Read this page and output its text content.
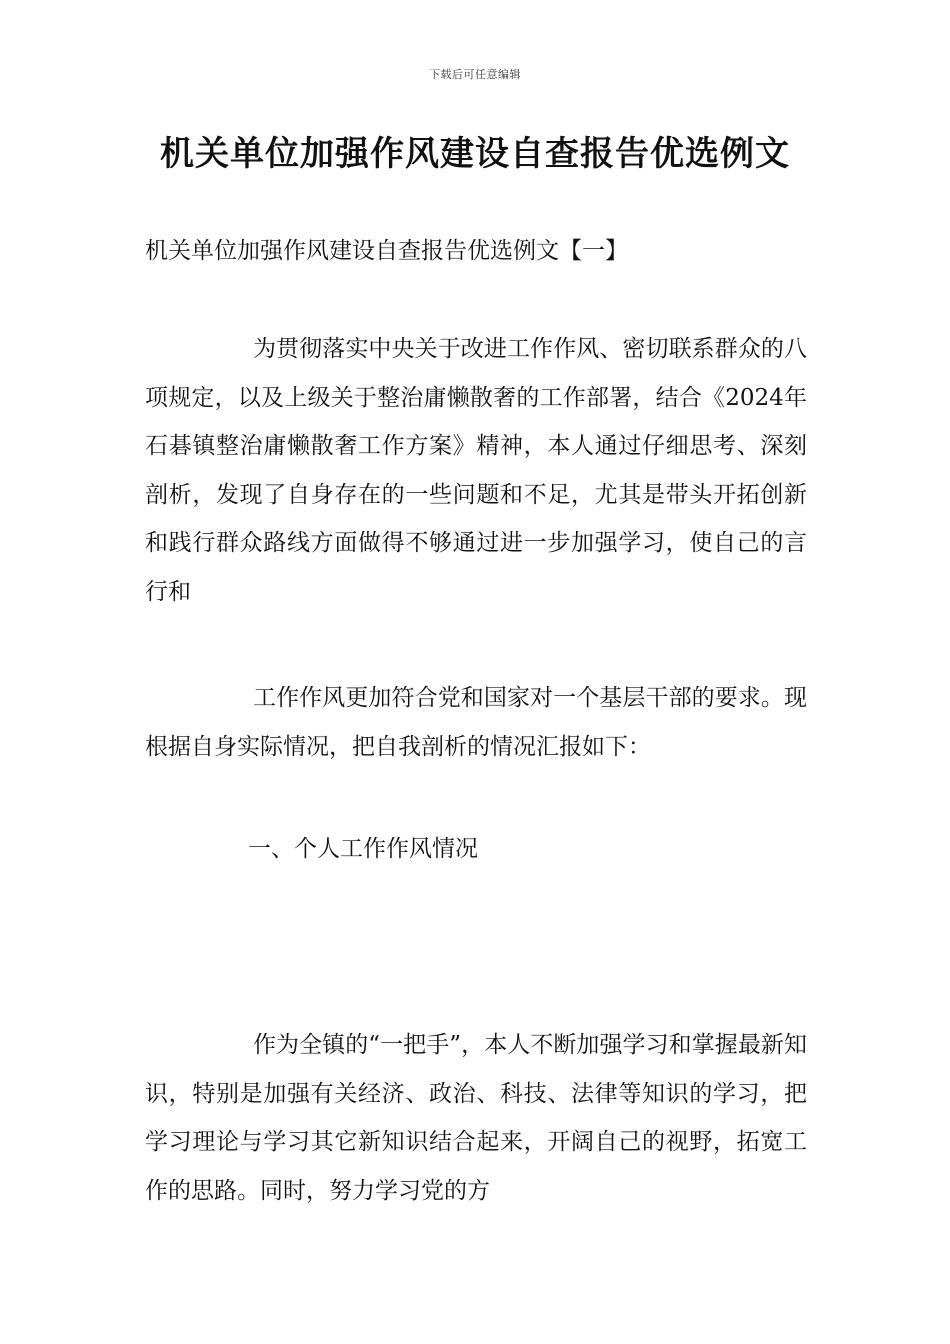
下载后可任意编辑
机关单位加强作风建设自查报告优选例文
机关单位加强作风建设自查报告优选例文【一】

为贯彻落实中央关于改进工作作风、密切联系群众的八项规定，以及上级关于整治庸懒散奢的工作部署，结合《2024年石碁镇整治庸懒散奢工作方案》精神，本人通过仔细思考、深刻剖析，发现了自身存在的一些问题和不足，尤其是带头开拓创新和践行群众路线方面做得不够通过进一步加强学习，使自己的言行和

工作作风更加符合党和国家对一个基层干部的要求。现根据自身实际情况，把自我剖析的情况汇报如下：

一、个人工作作风情况

作为全镇的“一把手”，本人不断加强学习和掌握最新知识，特别是加强有关经济、政治、科技、法律等知识的学习，把学习理论与学习其它新知识结合起来，开阔自己的视野，拓宽工作的思路。同时，努力学习党的方
